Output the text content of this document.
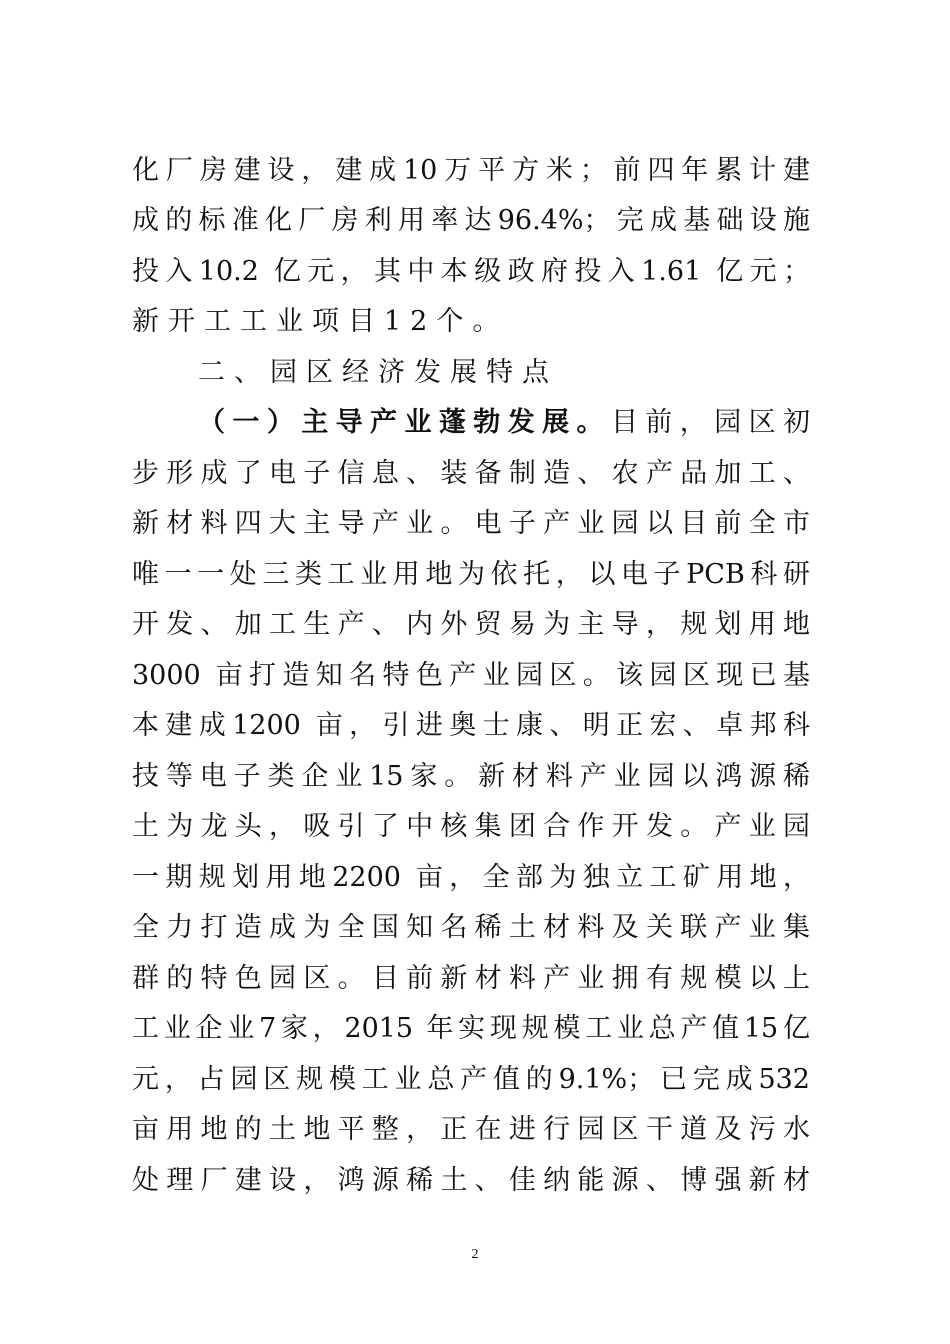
化厂房建设，建成10万平方米；前四年累计建
成的标准化厂房利用率达96.4%；完成基础设施
投入10.2 亿元，其中本级政府投入1.61 亿元；
新开工工业项目12个。
二、园区经济发展特点
（一）主导产业蓬勃发展。目前，园区初
步形成了电子信息、装备制造、农产品加工、
新材料四大主导产业。电子产业园以目前全市
唯一一处三类工业用地为依托，以电子PCB科研
开发、加工生产、内外贸易为主导，规划用地
3000 亩打造知名特色产业园区。该园区现已基
本建成1200 亩，引进奥士康、明正宏、卓邦科
技等电子类企业15家。新材料产业园以鸿源稀
土为龙头，吸引了中核集团合作开发。产业园
一期规划用地2200 亩，全部为独立工矿用地，
全力打造成为全国知名稀土材料及关联产业集
群的特色园区。目前新材料产业拥有规模以上
工业企业7家，2015 年实现规模工业总产值15亿
元，占园区规模工业总产值的9.1%；已完成532
亩用地的土地平整，正在进行园区干道及污水
处理厂建设，鸿源稀土、佳纳能源、博强新材
2
